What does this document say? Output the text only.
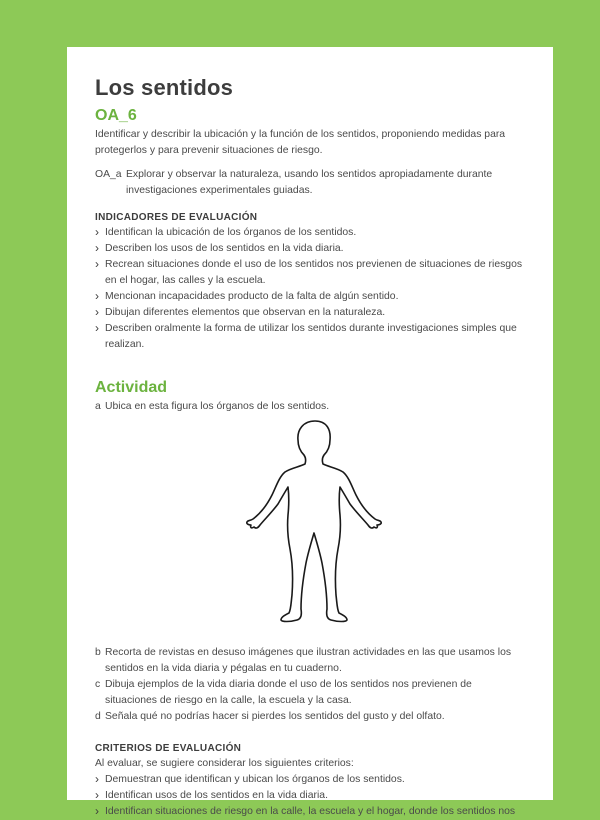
Los sentidos
OA_6

Identificar y describir la ubicación y la función de los sentidos, proponiendo medidas para protegerlos y para prevenir situaciones de riesgo.

OA_a Explorar y observar la naturaleza, usando los sentidos apropiadamente durante investigaciones experimentales guiadas.
INDICADORES DE EVALUACIÓN
› Identifican la ubicación de los órganos de los sentidos.
› Describen los usos de los sentidos en la vida diaria.
› Recrean situaciones donde el uso de los sentidos nos previenen de situaciones de riesgos en el hogar, las calles y la escuela.
› Mencionan incapacidades producto de la falta de algún sentido.
› Dibujan diferentes elementos que observan en la naturaleza.
› Describen oralmente la forma de utilizar los sentidos durante investigaciones simples que realizan.
Actividad
a Ubica en esta figura los órganos de los sentidos.
b Recorta de revistas en desuso imágenes que ilustran actividades en las que usamos los sentidos en la vida diaria y pégalas en tu cuaderno.
c Dibuja ejemplos de la vida diaria donde el uso de los sentidos nos previenen de situaciones de riesgo en la calle, la escuela y la casa.
d Señala qué no podrías hacer si pierdes los sentidos del gusto y del olfato.
CRITERIOS DE EVALUACIÓN

Al evaluar, se sugiere considerar los siguientes criterios:

› Demuestran que identifican y ubican los órganos de los sentidos.
› Identifican usos de los sentidos en la vida diaria.
› Identifican situaciones de riesgo en la calle, la escuela y el hogar, donde los sentidos nos
